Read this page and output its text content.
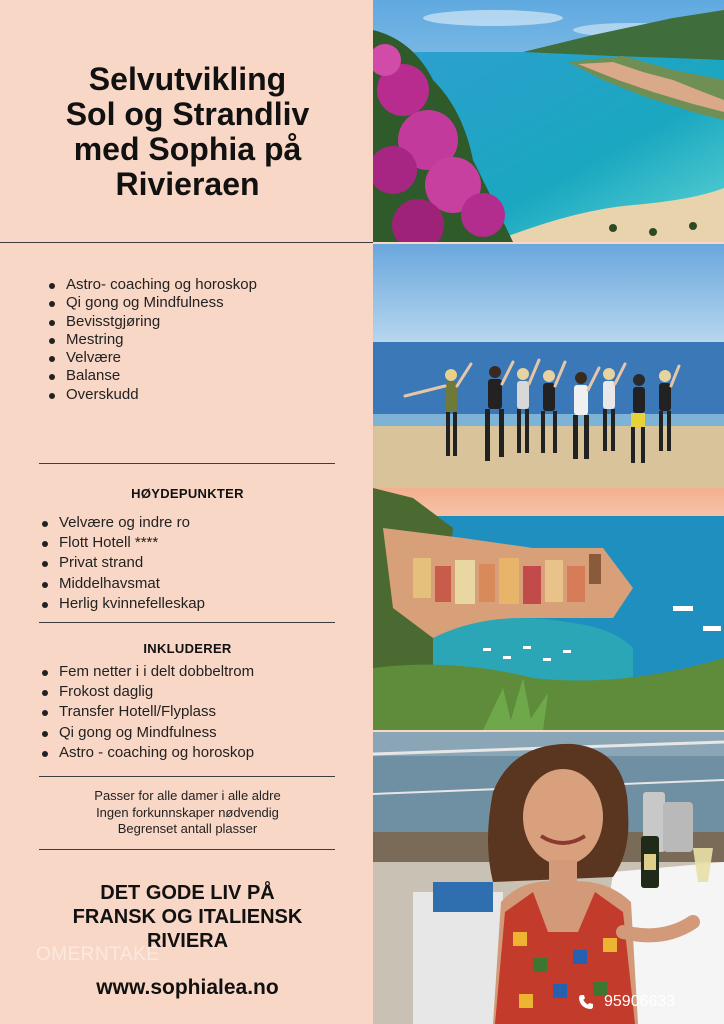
Selvutvikling
Sol og Strandliv
med Sophia på
Rivieraen
Astro- coaching og horoskop
Qi gong og Mindfulness
Bevisstgjøring
Mestring
Velvære
Balanse
Overskudd
HØYDEPUNKTER
Velvære og indre ro
Flott Hotell ****
Privat strand
Middelhavsmat
Herlig kvinnefelleskap
INKLUDERER
Fem netter i i delt dobbeltrom
Frokost daglig
Transfer Hotell/Flyplass
Qi gong og Mindfulness
Astro - coaching og horoskop
Passer for alle damer i alle aldre
Ingen forkunnskaper nødvendig
Begrenset antall plasser
DET GODE LIV PÅ
FRANSK OG ITALIENSK
RIVIERA
OMERNTAKE
www.sophialea.no
95906633
